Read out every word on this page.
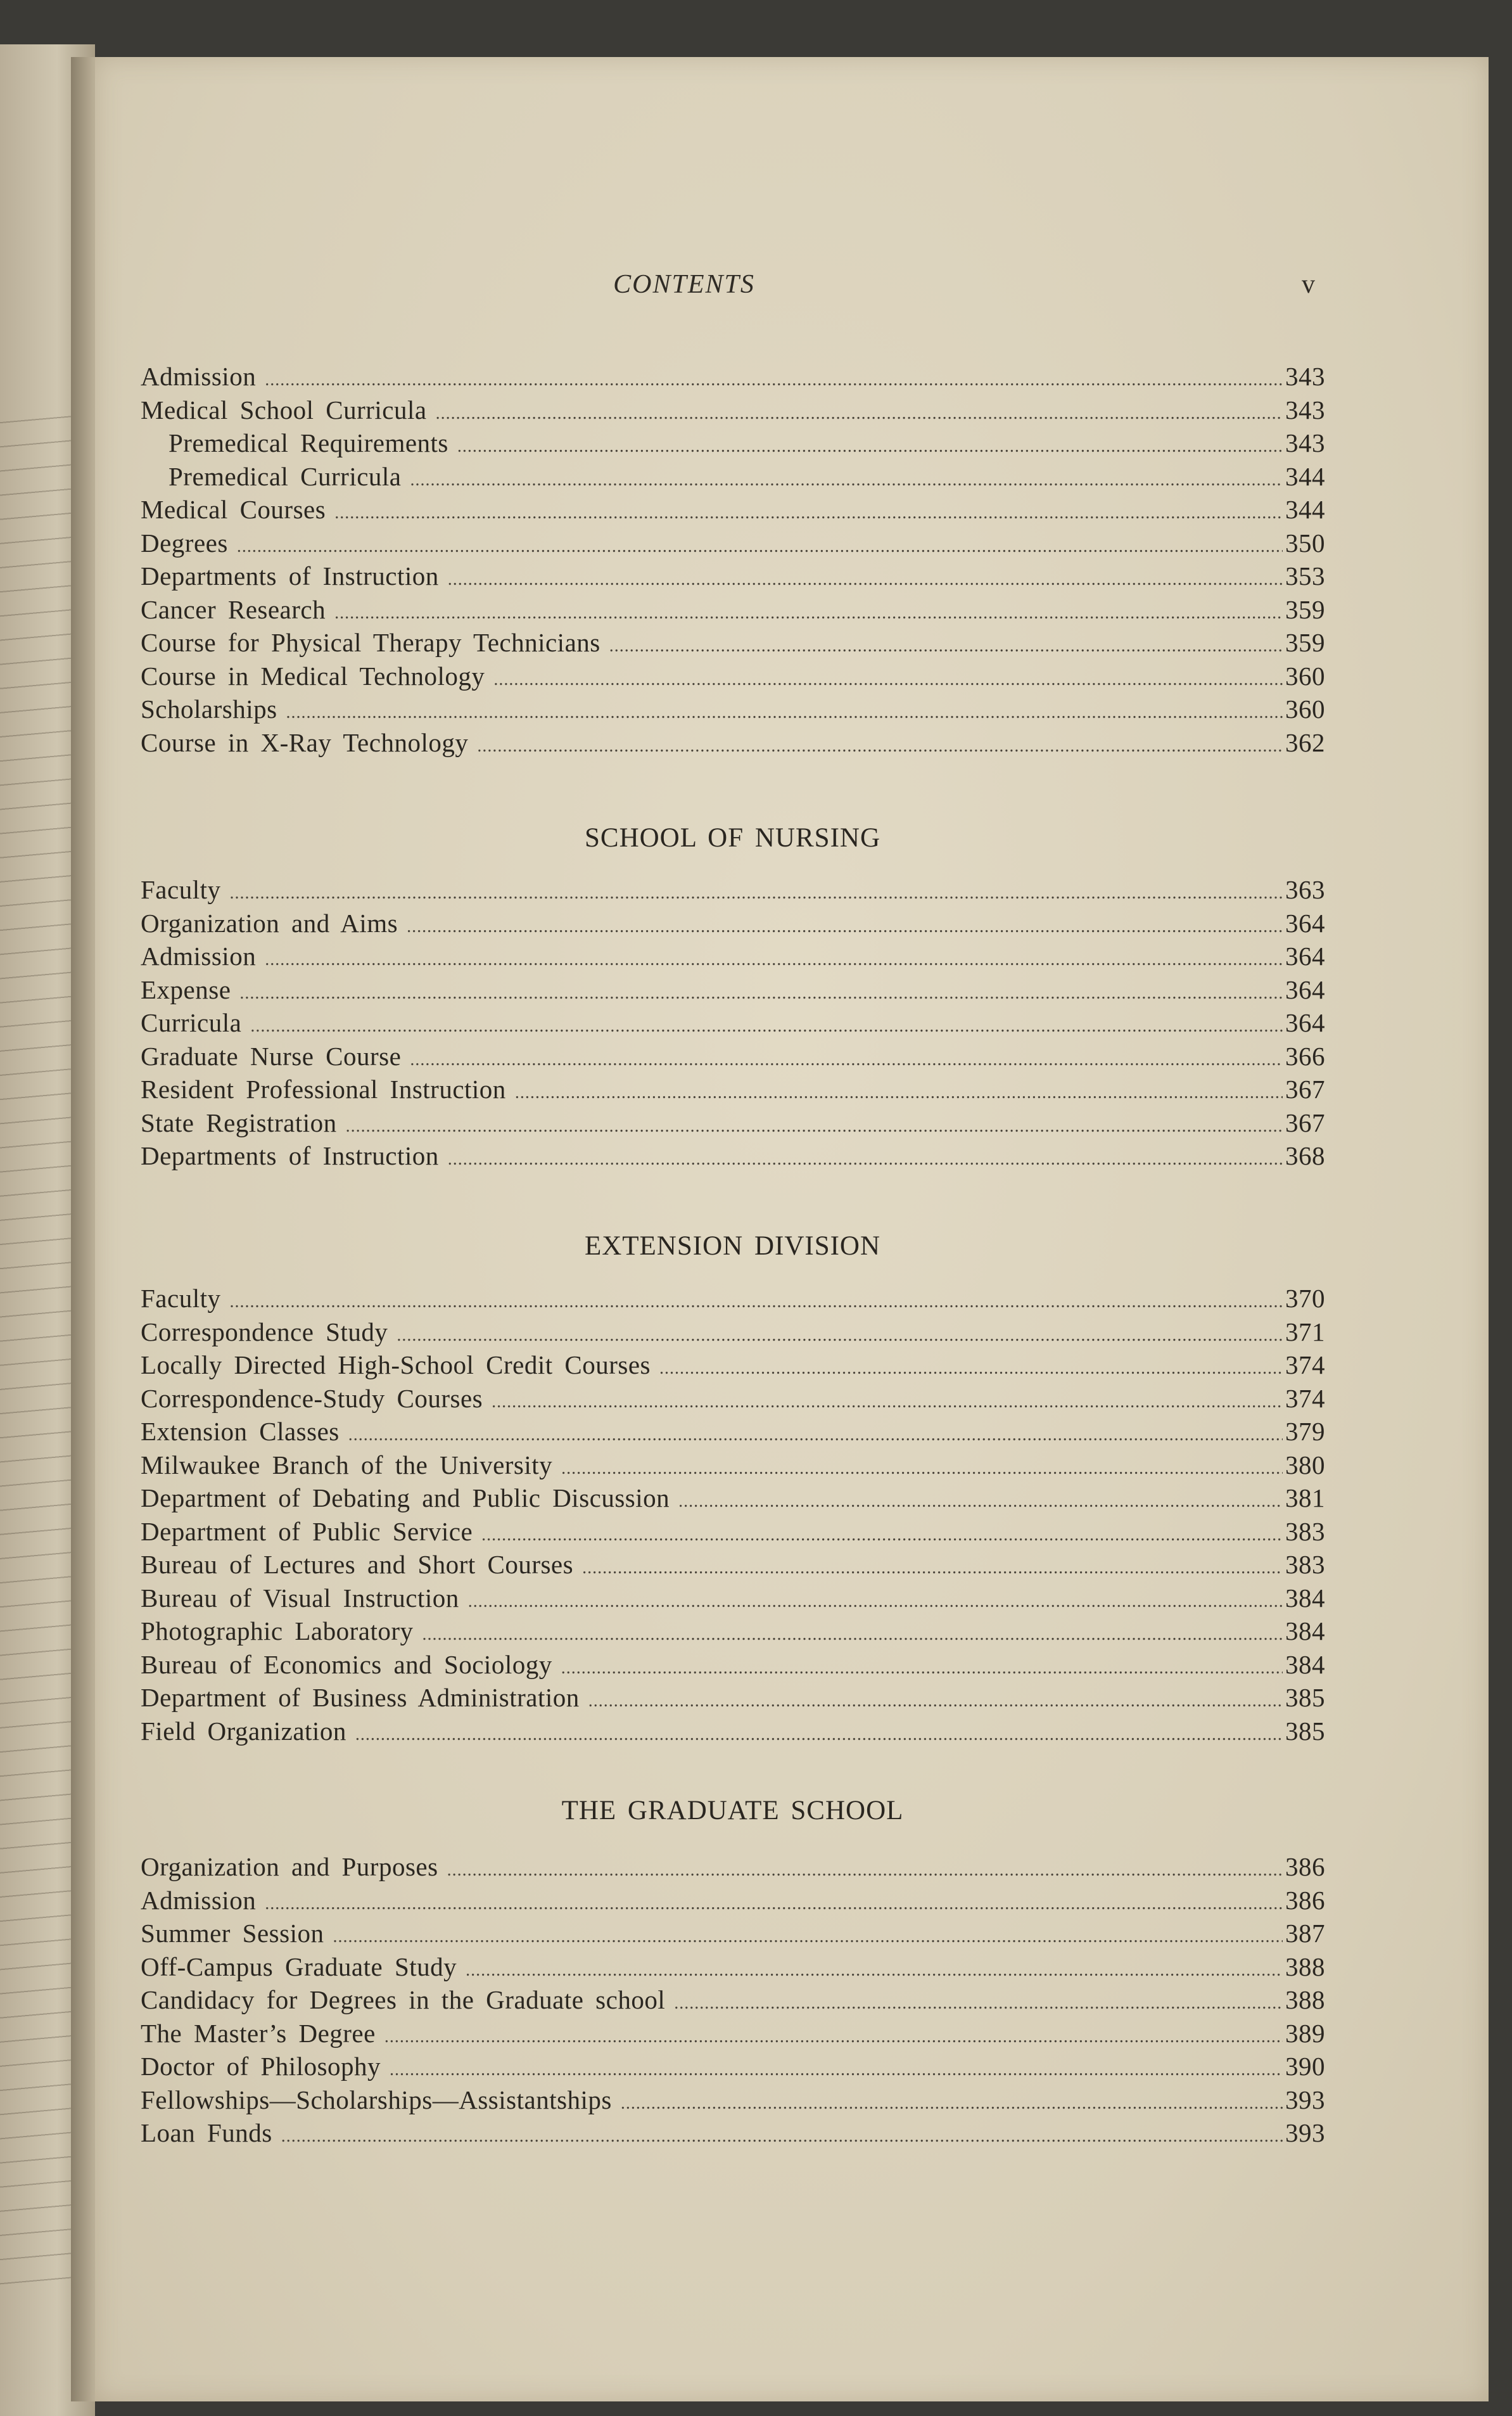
CONTENTS	v
Admission .....	343
Medical School Curricula .....	343
Premedical Requirements .....	343
Premedical Curricula .....	344
Medical Courses .....	344
Degrees .....	350
Departments of Instruction .....	353
Cancer Research .....	359
Course for Physical Therapy Technicians .....	359
Course in Medical Technology .....	360
Scholarships .....	360
Course in X-Ray Technology .....	362
SCHOOL OF NURSING
Faculty .....	363
Organization and Aims .....	364
Admission .....	364
Expense .....	364
Curricula .....	364
Graduate Nurse Course .....	366
Resident Professional Instruction .....	367
State Registration .....	367
Departments of Instruction .....	368
EXTENSION DIVISION
Faculty .....	370
Correspondence Study .....	371
Locally Directed High-School Credit Courses .....	374
Correspondence-Study Courses .....	374
Extension Classes .....	379
Milwaukee Branch of the University .....	380
Department of Debating and Public Discussion .....	381
Department of Public Service .....	383
Bureau of Lectures and Short Courses .....	383
Bureau of Visual Instruction .....	384
Photographic Laboratory .....	384
Bureau of Economics and Sociology .....	384
Department of Business Administration .....	385
Field Organization .....	385
THE GRADUATE SCHOOL
Organization and Purposes .....	386
Admission .....	386
Summer Session .....	387
Off-Campus Graduate Study .....	388
Candidacy for Degrees in the Graduate school .....	388
The Master’s Degree .....	389
Doctor of Philosophy .....	390
Fellowships—Scholarships—Assistantships .....	393
Loan Funds .....	393
